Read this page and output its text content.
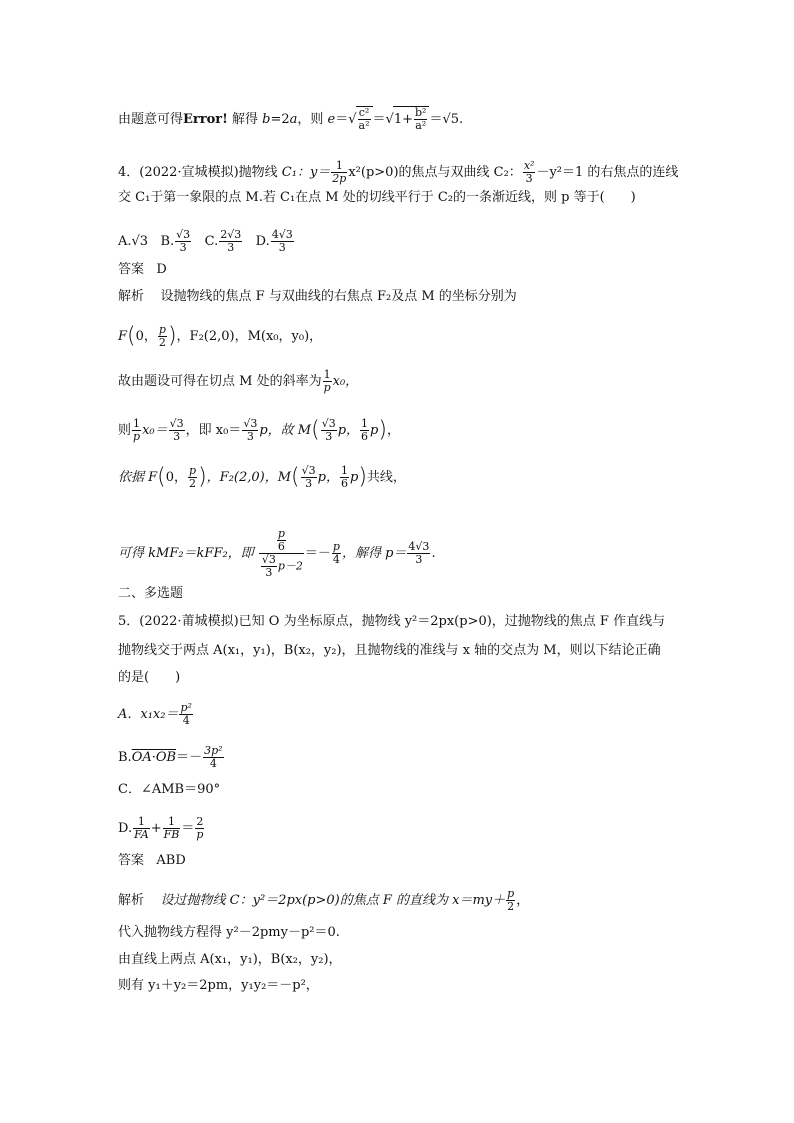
由题意可得Error! 解得 b=2a，则 $e=√ \frac{\text{c²}}{\text{a²}} =√1+ \frac{\text{b²}}{\text{a²}} =√5$.
4．(2022·宣城模拟)抛物线 C₁：$y= \frac{1}{2p} x^2(p>0)$的焦点与双曲线 C₂： $\frac{\text{x²}}{3} -y^2=1$ 的右焦点的连线
交 C₁于第一象限的点 M.若 C₁在点 M 处的切线平行于 C₂的一条渐近线，则 p 等于(　　)
A.√3 B. $\frac{√3}{3} C$. $\frac{2√3}{3} D$. $\frac{4√3}{3}$
答案 D
解析 设抛物线的焦点 F 与双曲线的右焦点 F₂及点 M 的坐标分别为
F(0， $\frac{p}{2}$ )，F₂(2,0)，M(x₀，y₀)，
故由题设可得在切点 M 处的斜率为 $\frac{1}{p} x_0$，
则 $\frac{1}{p} x_0= \frac{√3}{3}$ ，即 $x_0= \frac{√3}{3}$ p，故 $M( \frac{√3}{3}$ p， $\frac{1}{6} p$)，
依据 F(0， $\frac{p}{2}$ )，F₂(2,0)，$M( \frac{√3}{3}$ p， $\frac{1}{6} p$)共线，
可得 kMF₂＝kFF₂，即 $\frac{\frac{p}{6}}{\frac{√3}{3} p-2} =- \frac{p}{4}$ ，解得 $p= \frac{4√3}{3}$ .
二、多选题
5．(2022·莆城模拟)已知 O 为坐标原点，抛物线 y²＝2px(p>0)，过抛物线的焦点 F 作直线与
抛物线交于两点 A(x₁，y₁)，B(x₂，y₂)，且抛物线的准线与 x 轴的交点为 M，则以下结论正确
的是(　　)
A．$x_1x_2= \frac{\text{p²}}{4}$
$B.OA\cdot OB=- \frac{\text{3p²}}{4}$
C．∠AMB＝90°
D. $\frac{1}{FA} + \frac{1}{FB} = \frac{2}{p}$
答案 ABD
解析 设过抛物线 C：y²＝2px(p>0)的焦点 F 的直线为 $x=my+ \frac{p}{2}$ ，
代入抛物线方程得 y²－2pmy－p²＝0.
由直线上两点 A(x₁，y₁)，B(x₂，y₂)，
则有 y₁＋y₂＝2pm，y₁y₂＝－p²，
